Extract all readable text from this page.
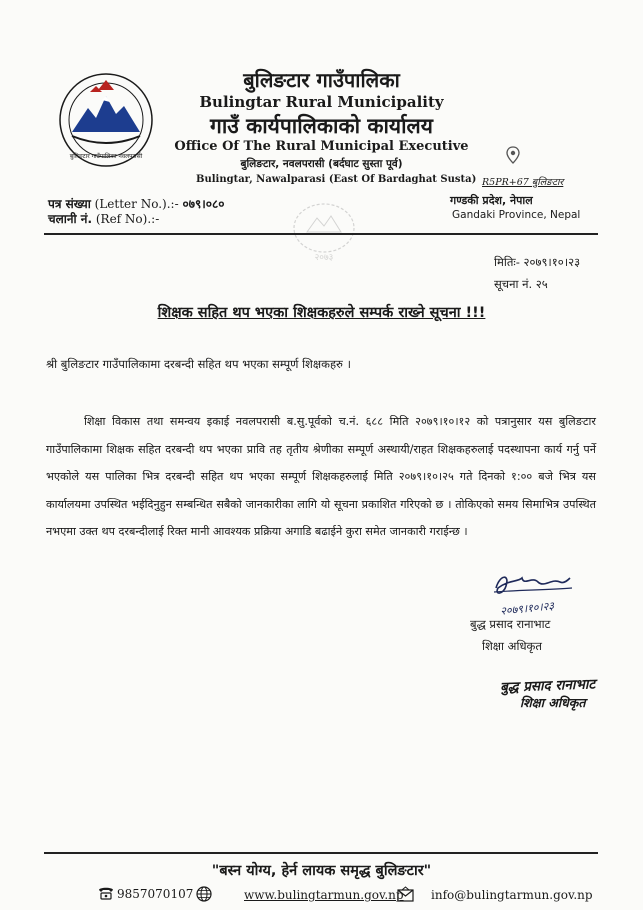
बुलिङटार गाउँपालिका नवलपरासी
बुलिङटार गाउँपालिका
Bulingtar Rural Municipality
गाउँ कार्यपालिकाको कार्यालय
Office Of The Rural Municipal Executive
बुलिङटार, नवलपरासी (बर्दघाट सुस्ता पूर्व)
Bulingtar, Nawalparasi (East Of Bardaghat Susta) R5PR+67 बुलिङटार
गण्डकी प्रदेश, नेपाल
Gandaki Province, Nepal
पत्र संख्या (Letter No.).:- ०७९।०८०
चलानी नं. (Ref No).:-
२०७३	मितिः- २०७९।१०।२३
सूचना नं. २५
शिक्षक सहित थप भएका शिक्षकहरुले सम्पर्क राख्ने सूचना !!!
श्री बुलिङटार गाउँपालिकामा दरबन्दी सहित थप भएका सम्पूर्ण शिक्षकहरु ।
शिक्षा विकास तथा समन्वय इकाई नवलपरासी ब.सु.पूर्वको च.नं. ६८८ मिति २०७९।१०।१२ को पत्रानुसार यस बुलिङटार गाउँपालिकामा शिक्षक सहित दरबन्दी थप भएका प्रावि तह तृतीय श्रेणीका सम्पूर्ण अस्थायी/राहत शिक्षकहरुलाई पदस्थापना कार्य गर्नु पर्ने भएकोले यस पालिका भित्र दरबन्दी सहित थप भएका सम्पूर्ण शिक्षकहरुलाई मिति २०७९।१०।२५ गते दिनको १:०० बजे भित्र यस कार्यालयमा उपस्थित भईदिनुहुन सम्बन्धित सबैको जानकारीका लागि यो सूचना प्रकाशित गरिएको छ । तोकिएको समय सिमाभित्र उपस्थित नभएमा उक्त थप दरबन्दीलाई रिक्त मानी आवश्यक प्रक्रिया अगाडि बढाईने कुरा समेत जानकारी गराईन्छ ।
२०७९।१०।२३
बुद्ध प्रसाद रानाभाट
शिक्षा अधिकृत
बुद्ध प्रसाद रानाभाट
शिक्षा अधिकृत
"बस्न योग्य, हेर्न लायक समृद्ध बुलिङटार"
9857070107	www.bulingtarmun.gov.np info@bulingtarmun.gov.np
